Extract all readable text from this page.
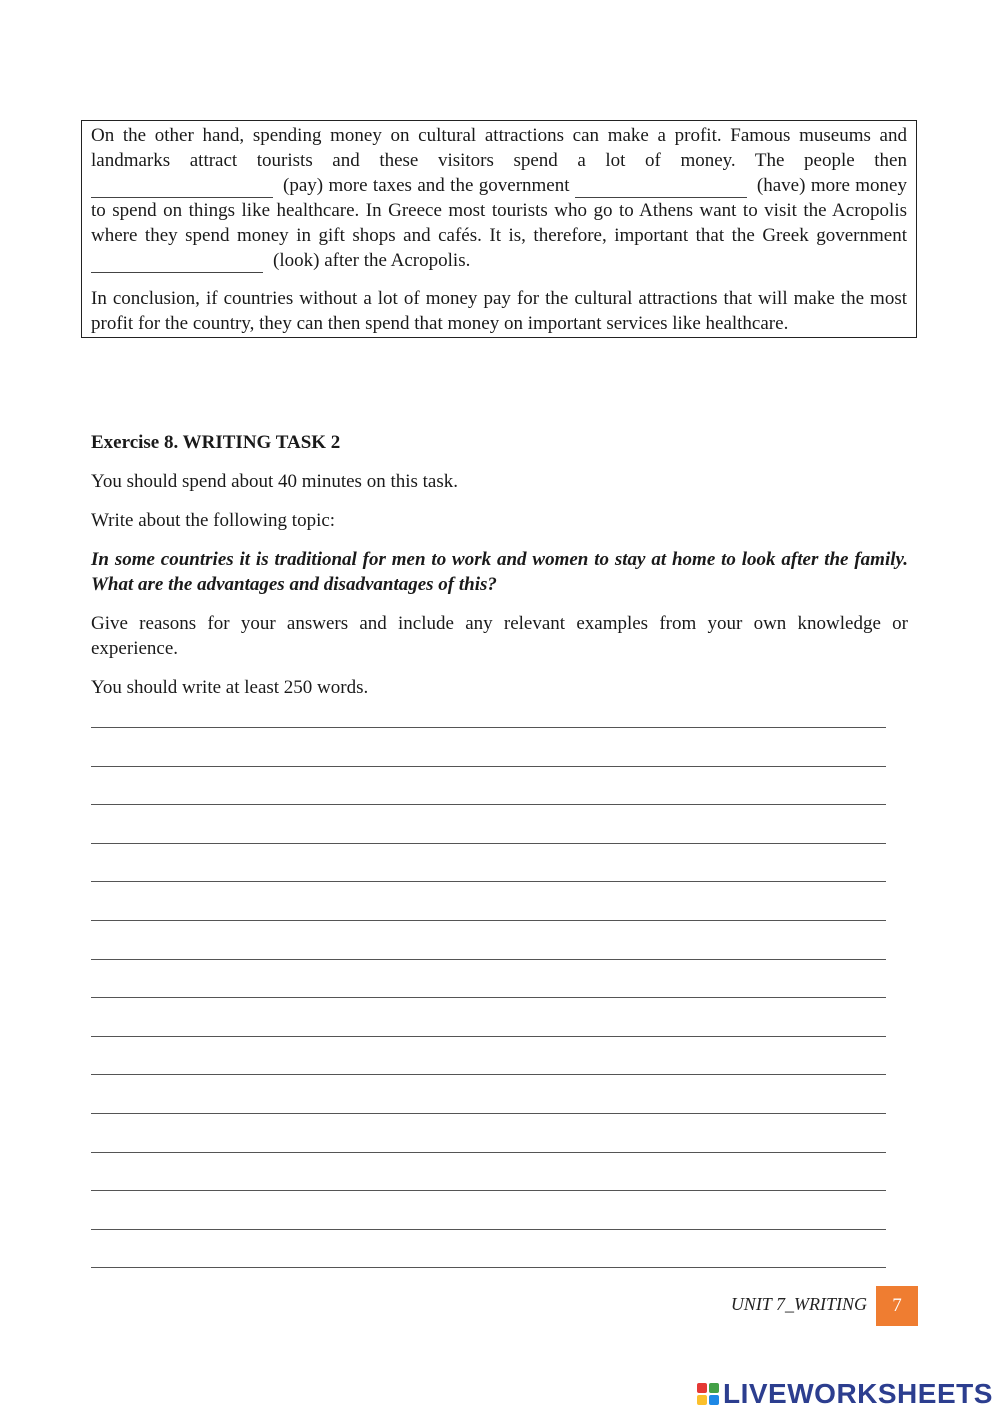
On the other hand, spending money on cultural attractions can make a profit. Famous museums and landmarks attract tourists and these visitors spend a lot of money. The people then (pay) more taxes and the government	(have) more money to spend on things like healthcare. In Greece most tourists who go to Athens want to visit the Acropolis where they spend money in gift shops and cafés. It is, therefore, important that the Greek government (look) after the Acropolis.

In conclusion, if countries without a lot of money pay for the cultural attractions that will make the most profit for the country, they can then spend that money on important services like healthcare.

Exercise 8. WRITING TASK 2

You should spend about 40 minutes on this task.

Write about the following topic:

In some countries it is traditional for men to work and women to stay at home to look after the family. What are the advantages and disadvantages of this?

Give reasons for your answers and include any relevant examples from your own knowledge or experience.

You should write at least 250 words.

UNIT 7_WRITING	7
LIVEWORKSHEETS
